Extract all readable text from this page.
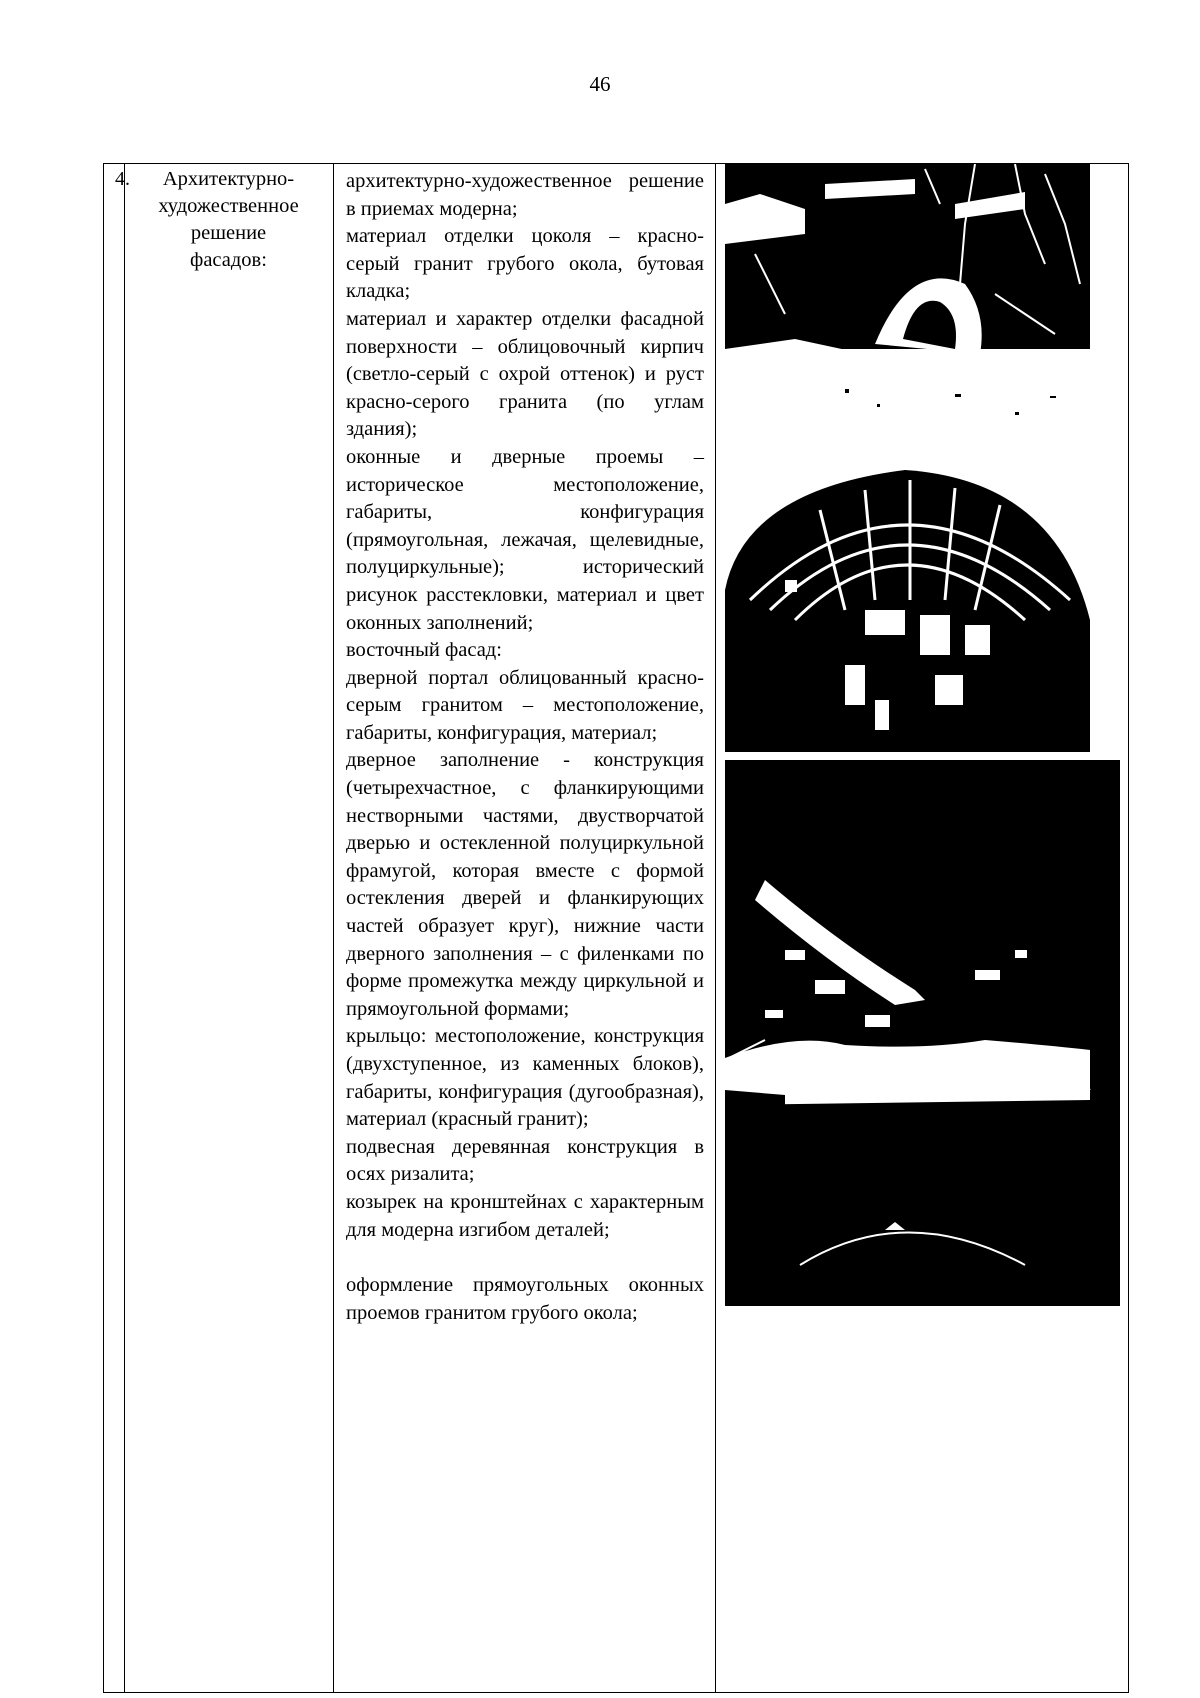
46
4.	Архитектурно-
художественное
решение
фасадов:

архитектурно-художественное решение в приемах модерна;

материал отделки цоколя – красно-серый гранит грубого окола, бутовая кладка;

материал и характер отделки фасадной поверхности – облицовочный кирпич (светло-серый с охрой оттенок) и руст красно-серого гранита (по углам здания);

оконные и дверные проемы – историческое местоположение, габариты, конфигурация (прямоугольная, лежачая, щелевидные, полуциркульные); исторический рисунок расстекловки, материал и цвет оконных заполнений;

восточный фасад:

дверной портал облицованный красно- серым гранитом – местоположение, габариты, конфигурация, материал;

дверное заполнение - конструкция (четырехчастное, с фланкирующими нестворными частями, двустворчатой дверью и остекленной полуциркульной фрамугой, которая вместе с формой остекления дверей и фланкирующих частей образует круг), нижние части дверного заполнения – с филенками по форме промежутка между циркульной и прямоугольной формами;

крыльцо: местоположение, конструкция (двухступенное, из каменных блоков), габариты, конфигурация (дугообразная), материал (красный гранит);

подвесная деревянная конструкция в осях ризалита;

козырек на кронштейнах с характерным для модерна изгибом деталей;

оформление прямоугольных оконных проемов гранитом грубого окола;
